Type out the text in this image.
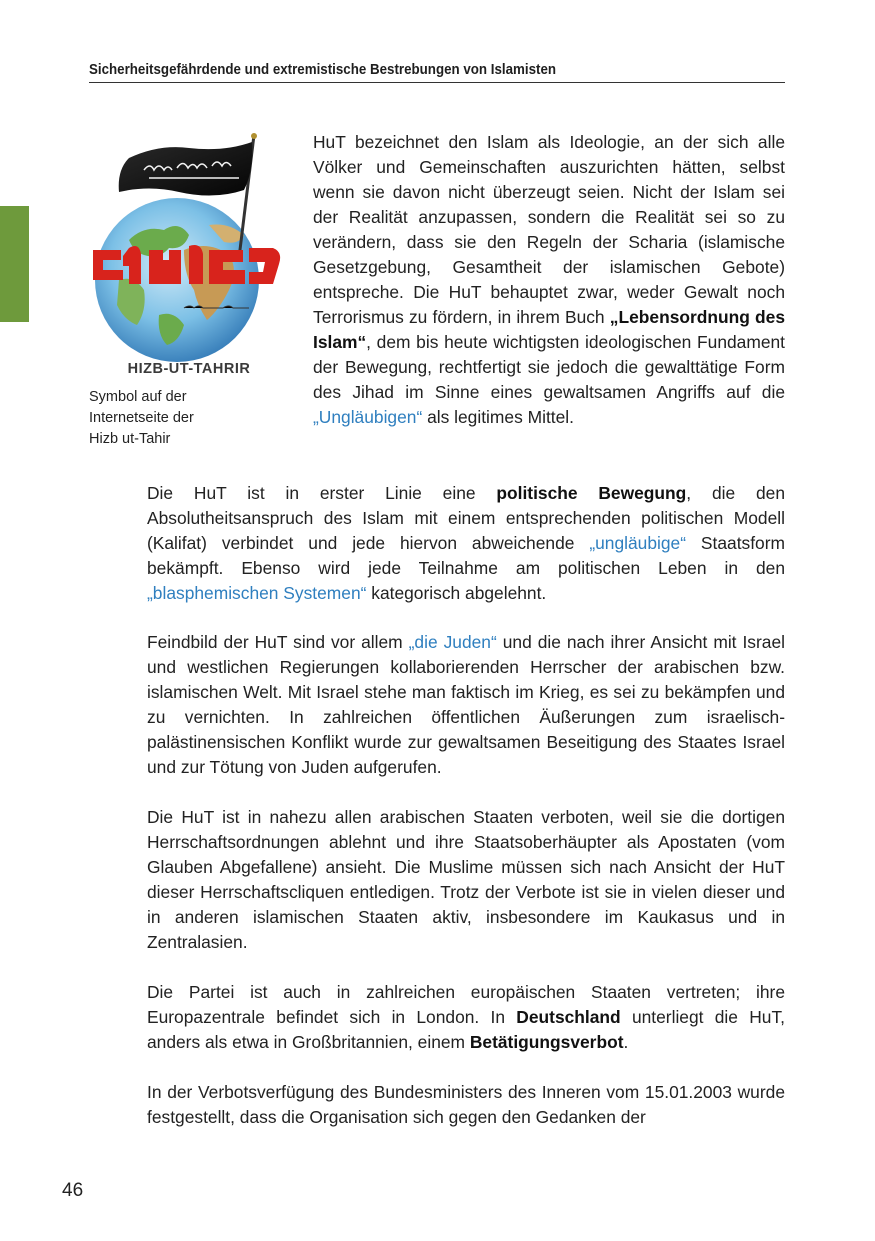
Sicherheitsgefährdende und extremistische Bestrebungen von Islamisten
HIZB-UT-TAHRIR
Symbol auf der
Internetseite der
Hizb ut-Tahir

HuT bezeichnet den Islam als Ideologie, an der sich alle Völker und Gemeinschaften auszurichten hätten, selbst wenn sie davon nicht überzeugt seien. Nicht der Islam sei der Realität anzupassen, sondern die Realität sei so zu verändern, dass sie den Regeln der Scharia (islamische Gesetzgebung, Gesamtheit der islamischen Gebote) entspreche. Die HuT behauptet zwar, weder Gewalt noch Terrorismus zu fördern, in ihrem Buch „Lebensordnung des Islam“, dem bis heute wichtigsten ideologischen Fundament der Bewegung, rechtfertigt sie jedoch die gewalttätige Form des Jihad im Sinne eines gewaltsamen Angriffs auf die „Ungläubigen“ als legitimes Mittel.

Die HuT ist in erster Linie eine politische Bewegung, die den Absolutheitsanspruch des Islam mit einem entsprechenden politischen Modell (Kalifat) verbindet und jede hiervon abweichende „ungläubige“ Staatsform bekämpft. Ebenso wird jede Teilnahme am politischen Leben in den „blasphemischen Systemen“ kategorisch abgelehnt.

Feindbild der HuT sind vor allem „die Juden“ und die nach ihrer Ansicht mit Israel und westlichen Regierungen kollaborierenden Herrscher der arabischen bzw. islamischen Welt. Mit Israel stehe man faktisch im Krieg, es sei zu bekämpfen und zu vernichten. In zahlreichen öffentlichen Äußerungen zum israelisch-palästinensischen Konflikt wurde zur gewaltsamen Beseitigung des Staates Israel und zur Tötung von Juden aufgerufen.

Die HuT ist in nahezu allen arabischen Staaten verboten, weil sie die dortigen Herrschaftsordnungen ablehnt und ihre Staatsoberhäupter als Apostaten (vom Glauben Abgefallene) ansieht. Die Muslime müssen sich nach Ansicht der HuT dieser Herrschaftscliquen entledigen. Trotz der Verbote ist sie in vielen dieser und in anderen islamischen Staaten aktiv, insbesondere im Kaukasus und in Zentralasien.

Die Partei ist auch in zahlreichen europäischen Staaten vertreten; ihre Europazentrale befindet sich in London. In Deutschland unterliegt die HuT, anders als etwa in Großbritannien, einem Betätigungsverbot.

In der Verbotsverfügung des Bundesministers des Inneren vom 15.01.2003 wurde festgestellt, dass die Organisation sich gegen den Gedanken der

46
